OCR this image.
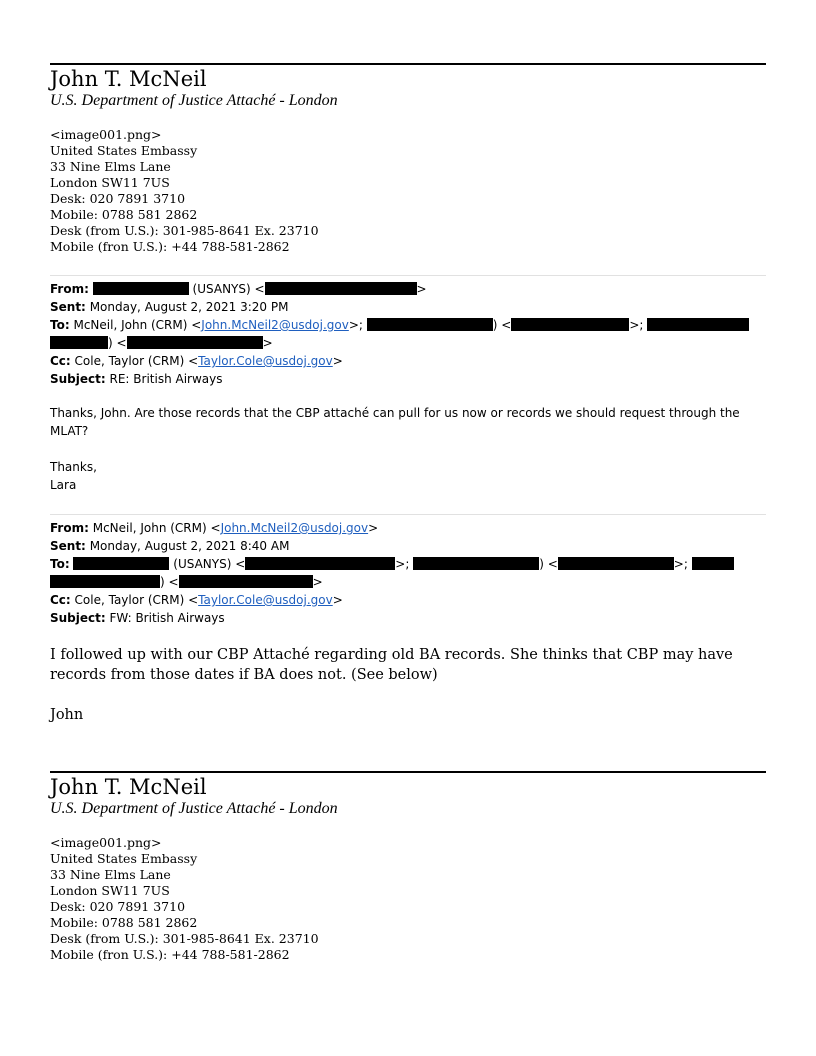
John T. McNeil
U.S. Department of Justice Attaché - London
<image001.png>
United States Embassy
33 Nine Elms Lane
London SW11 7US
Desk: 020 7891 3710
Mobile: 0788 581 2862
Desk (from U.S.): 301-985-8641 Ex. 23710
Mobile (fron U.S.): +44 788-581-2862
From:	(USANYS) <	>
Sent: Monday, August 2, 2021 3:20 PM
To: McNeil, John (CRM) <John.McNeil2@usdoj.gov>;	) <	>;
) <	>
Cc: Cole, Taylor (CRM) <Taylor.Cole@usdoj.gov>
Subject: RE: British Airways
Thanks, John. Are those records that the CBP attaché can pull for us now or records we should request through the MLAT?
Thanks,
Lara
From: McNeil, John (CRM) <John.McNeil2@usdoj.gov>
Sent: Monday, August 2, 2021 8:40 AM
To:	(USANYS) <	>;	) <	>;
) <	>
Cc: Cole, Taylor (CRM) <Taylor.Cole@usdoj.gov>
Subject: FW: British Airways
I followed up with our CBP Attaché regarding old BA records. She thinks that CBP may have records from those dates if BA does not. (See below)
John
John T. McNeil
U.S. Department of Justice Attaché - London
<image001.png>
United States Embassy
33 Nine Elms Lane
London SW11 7US
Desk: 020 7891 3710
Mobile: 0788 581 2862
Desk (from U.S.): 301-985-8641 Ex. 23710
Mobile (fron U.S.): +44 788-581-2862
